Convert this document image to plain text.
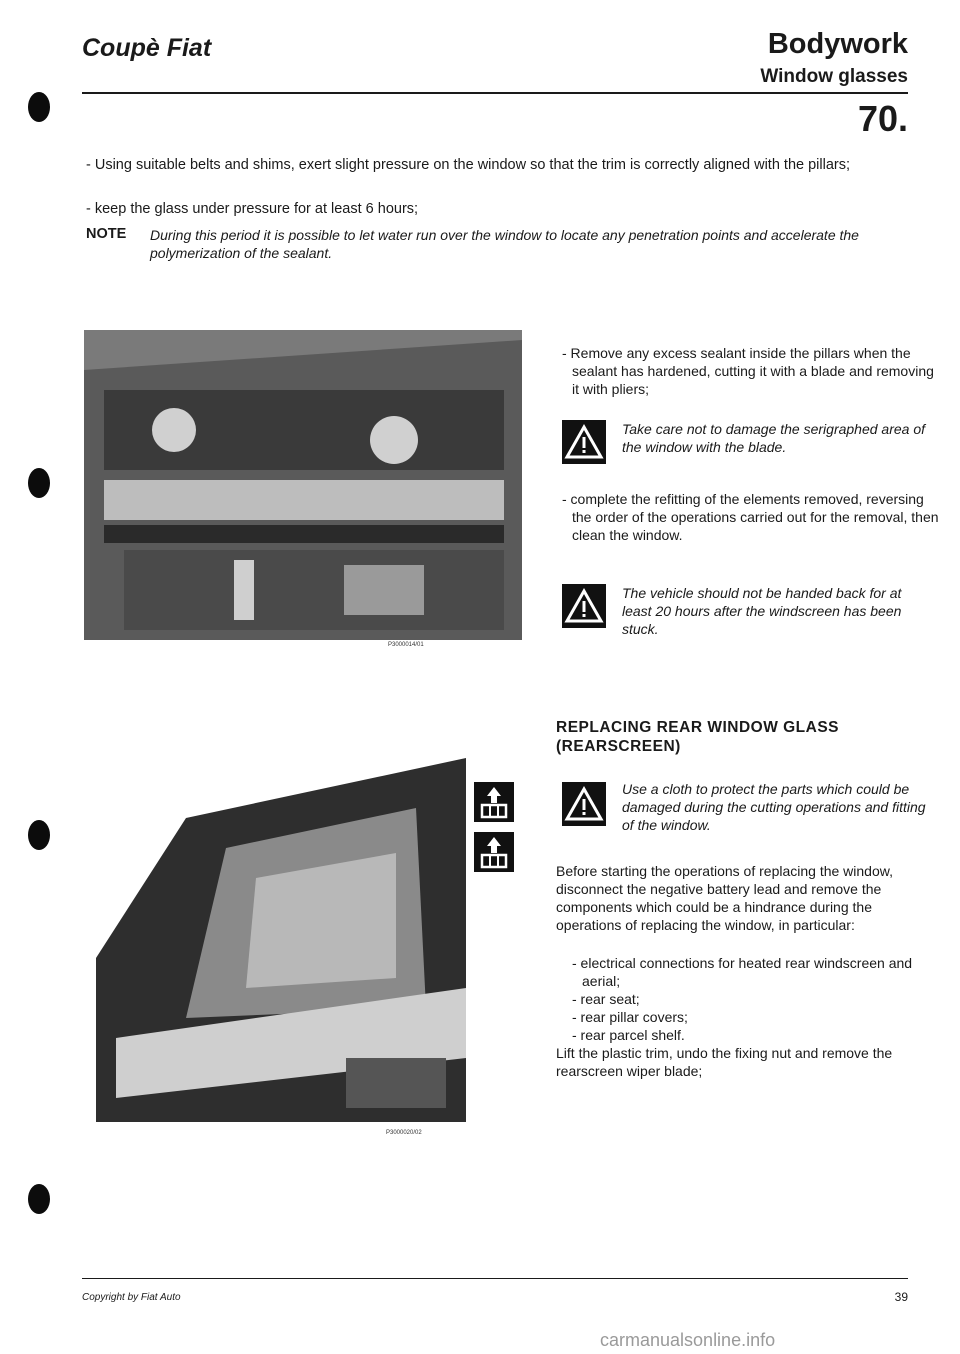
Coupè Fiat	Bodywork
Window glasses
70.
- Using suitable belts and shims, exert slight pressure on the window so that the trim is correctly aligned with the pillars;
- keep the glass under pressure for at least 6 hours;
NOTE During this period it is possible to let water run over the window to locate any penetration points and accelerate the polymerization of the sealant.
P3000014/01
- Remove any excess sealant inside the pillars when the sealant has hardened, cutting it with a blade and removing it with pliers;
Take care not to damage the serigraphed area of the window with the blade.
- complete the refitting of the elements removed, reversing the order of the operations carried out for the removal, then clean the window.
The vehicle should not be handed back for at least 20 hours after the windscreen has been stuck.
REPLACING REAR WINDOW GLASS (REARSCREEN)
P3000020/02
Use a cloth to protect the parts which could be damaged during the cutting operations and fitting of the window.
Before starting the operations of replacing the window, disconnect the negative battery lead and remove the components which could be a hindrance during the operations of replacing the window, in particular:
- electrical connections for heated rear windscreen and aerial;
- rear seat;
- rear pillar covers;
- rear parcel shelf.
Lift the plastic trim, undo the fixing nut and remove the rearscreen wiper blade;
Copyright by Fiat Auto	39
carmanualsonline.info
